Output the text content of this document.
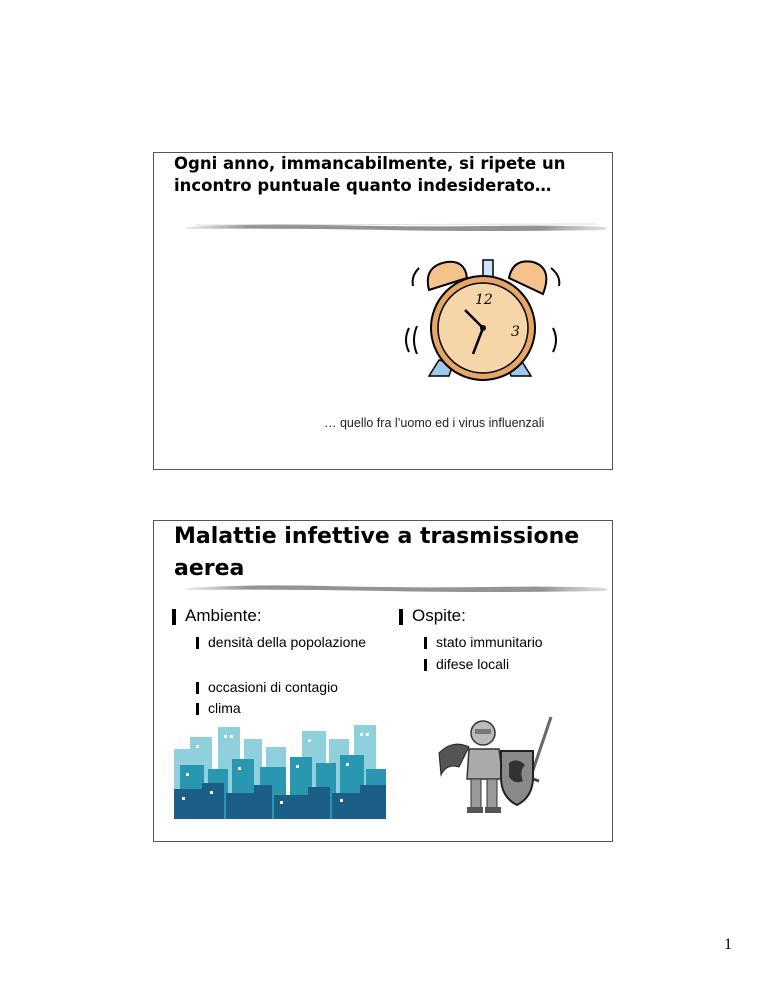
Ogni anno, immancabilmente, si ripete un incontro puntuale quanto indesiderato…
12
3
… quello fra l’uomo ed i virus influenzali
Malattie infettive a trasmissione aerea
Ambiente:
densità della popolazione
occasioni di contagio
clima
Ospite:
stato immunitario
difese locali
1
